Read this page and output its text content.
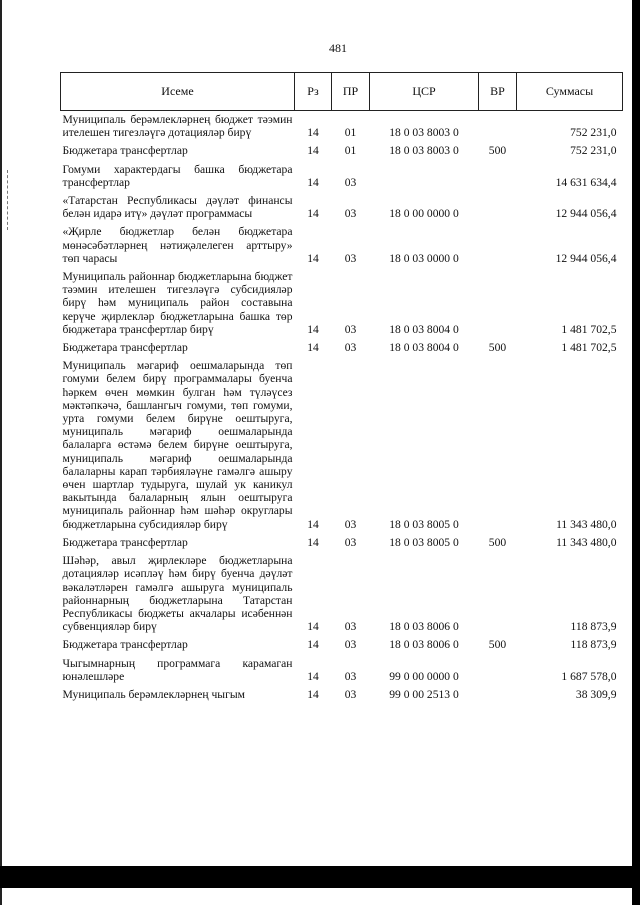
481
Исеме	Рз	ПР	ЦСР	ВР	Суммасы
Муниципаль берәмлекләрнең бюджет тәэмин ителешен тигезләүгә дотацияләр бирү	14	01	18 0 03 8003 0		752 231,0
Бюджетара трансфертлар	14	01	18 0 03 8003 0	500	752 231,0
Гомуми характердагы башка бюджетара трансфертлар	14	03			14 631 634,4
«Татарстан Республикасы дәүләт финансы белән идарә итү» дәүләт программасы	14	03	18 0 00 0000 0		12 944 056,4
«Җирле бюджетлар белән бюджетара мөнәсәбәтләрнең нәтиҗәлелеген арттыру» төп чарасы	14	03	18 0 03 0000 0		12 944 056,4
Муниципаль районнар бюджетларына бюджет тәэмин ителешен тигезләүгә субсидияләр бирү һәм муниципаль район составына керүче җирлекләр бюджетларына башка төр бюджетара трансфертлар бирү	14	03	18 0 03 8004 0		1 481 702,5
Бюджетара трансфертлар	14	03	18 0 03 8004 0	500	1 481 702,5
Муниципаль мәгариф оешмаларында төп гомуми белем бирү программалары буенча һәркем өчен мөмкин булган һәм түләүсез мәктәпкәчә, башлангыч гомуми, төп гомуми, урта гомуми белем бирүне оештыруга, муниципаль мәгариф оешмаларында балаларга өстәмә белем бирүне оештыруга, муниципаль мәгариф оешмаларында балаларны карап тәрбияләүне гамәлгә ашыру өчен шартлар тудыруга, шулай ук каникул вакытында балаларның ялын оештыруга муниципаль районнар һәм шәһәр округлары бюджетларына субсидияләр бирү	14	03	18 0 03 8005 0		11 343 480,0
Бюджетара трансфертлар	14	03	18 0 03 8005 0	500	11 343 480,0
Шәһәр, авыл җирлекләре бюджетларына дотацияләр исәпләү һәм бирү буенча дәүләт вәкаләтләрен гамәлгә ашыруга муниципаль районнарның бюджетларына Татарстан Республикасы бюджеты акчалары исәбеннән субвенцияләр бирү	14	03	18 0 03 8006 0		118 873,9
Бюджетара трансфертлар	14	03	18 0 03 8006 0	500	118 873,9
Чыгымнарның программага карамаган юнәлешләре	14	03	99 0 00 0000 0		1 687 578,0
Муниципаль берәмлекләрнең чыгым	14	03	99 0 00 2513 0		38 309,9
